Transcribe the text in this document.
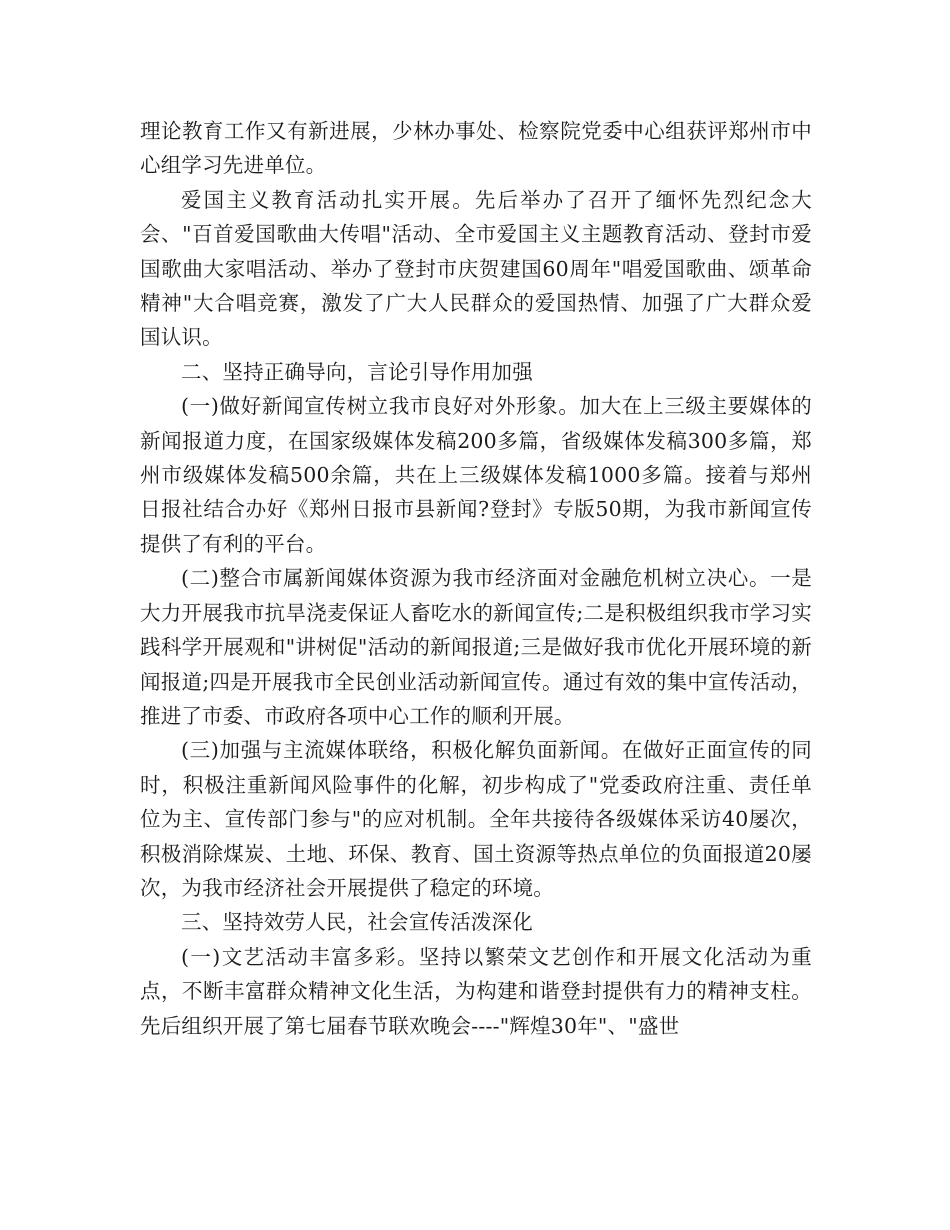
理论教育工作又有新进展，少林办事处、检察院党委中心组获评郑州市中心组学习先进单位。

爱国主义教育活动扎实开展。先后举办了召开了缅怀先烈纪念大会、"百首爱国歌曲大传唱"活动、全市爱国主义主题教育活动、登封市爱国歌曲大家唱活动、举办了登封市庆贺建国60周年"唱爱国歌曲、颂革命精神"大合唱竞赛，激发了广大人民群众的爱国热情、加强了广大群众爱国认识。

二、坚持正确导向，言论引导作用加强

(一)做好新闻宣传树立我市良好对外形象。加大在上三级主要媒体的新闻报道力度，在国家级媒体发稿200多篇，省级媒体发稿300多篇，郑州市级媒体发稿500余篇，共在上三级媒体发稿1000多篇。接着与郑州日报社结合办好《郑州日报市县新闻?登封》专版50期，为我市新闻宣传提供了有利的平台。

(二)整合市属新闻媒体资源为我市经济面对金融危机树立决心。一是大力开展我市抗旱浇麦保证人畜吃水的新闻宣传;二是积极组织我市学习实践科学开展观和"讲树促"活动的新闻报道;三是做好我市优化开展环境的新闻报道;四是开展我市全民创业活动新闻宣传。通过有效的集中宣传活动，推进了市委、市政府各项中心工作的顺利开展。

(三)加强与主流媒体联络，积极化解负面新闻。在做好正面宣传的同时，积极注重新闻风险事件的化解，初步构成了"党委政府注重、责任单位为主、宣传部门参与"的应对机制。全年共接待各级媒体采访40屡次，积极消除煤炭、土地、环保、教育、国土资源等热点单位的负面报道20屡次，为我市经济社会开展提供了稳定的环境。

三、坚持效劳人民，社会宣传活泼深化

(一)文艺活动丰富多彩。坚持以繁荣文艺创作和开展文化活动为重点，不断丰富群众精神文化生活，为构建和谐登封提供有力的精神支柱。先后组织开展了第七届春节联欢晚会----"辉煌30年"、"盛世
